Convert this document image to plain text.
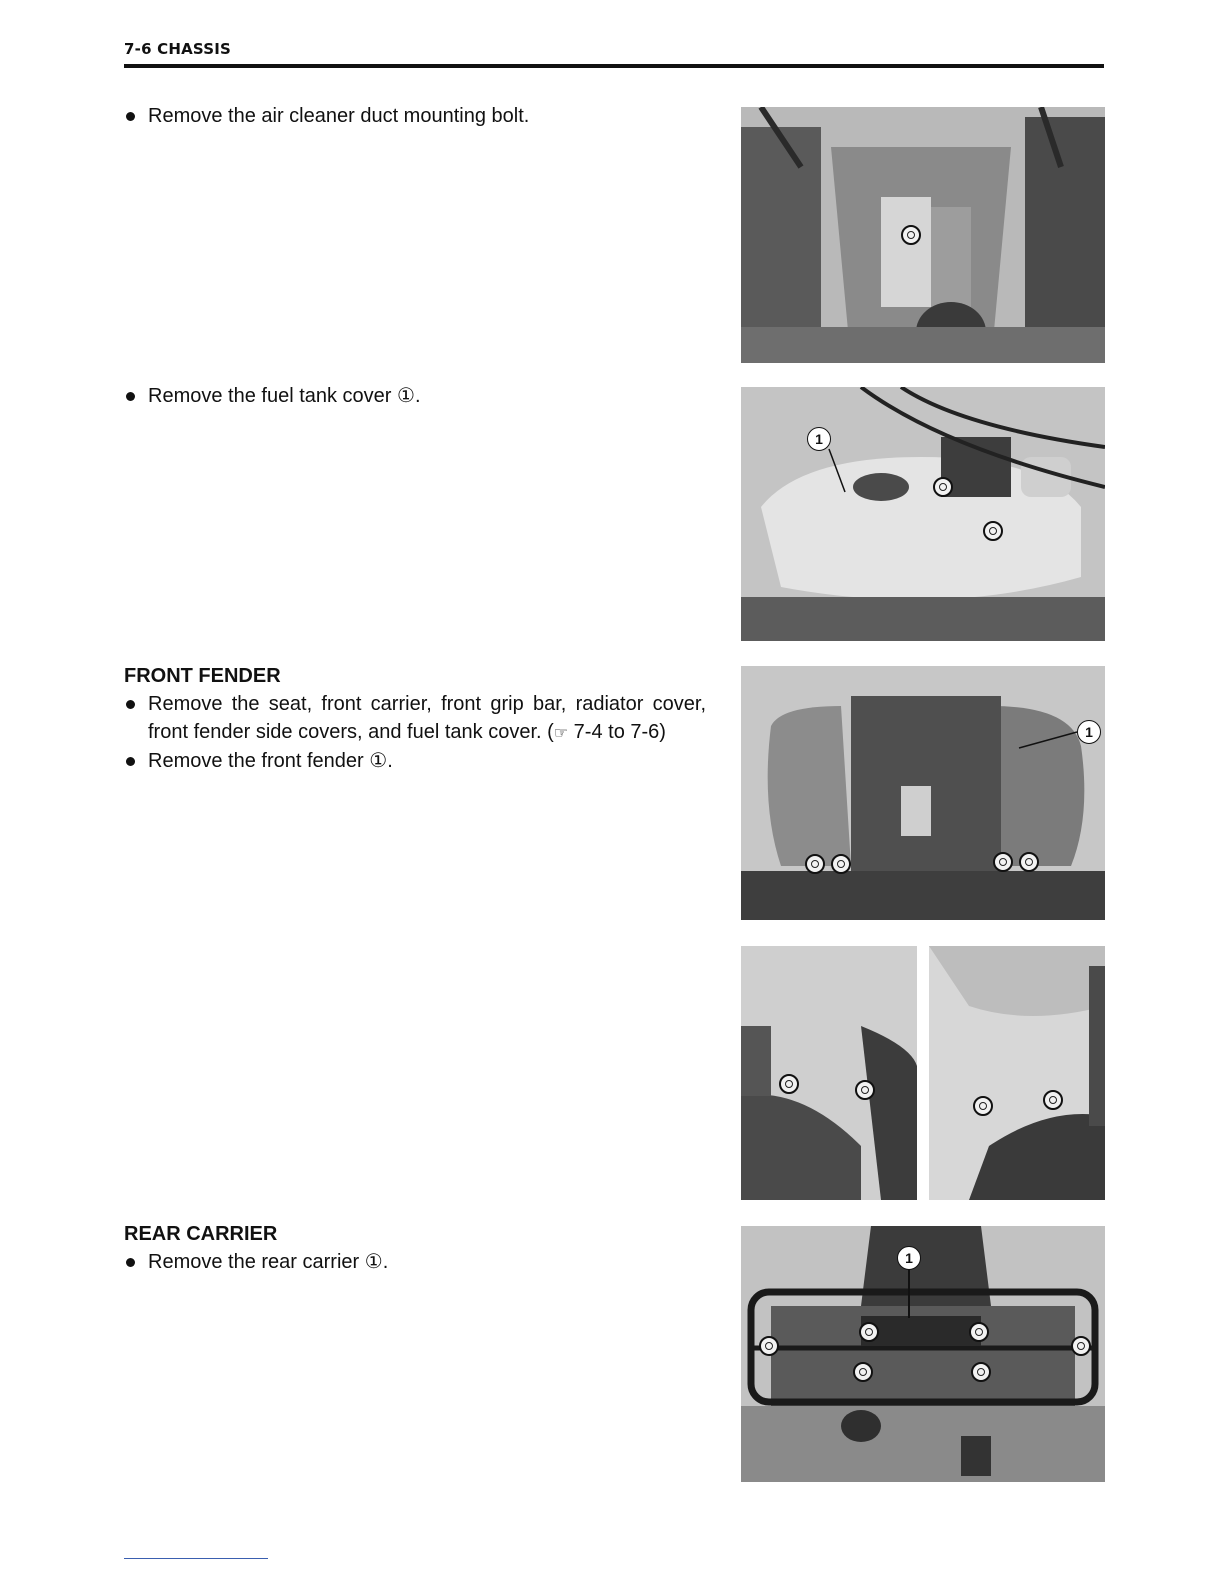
7-6 CHASSIS
Remove the air cleaner duct mounting bolt.
Remove the fuel tank cover ①.
FRONT FENDER
Remove the seat, front carrier, front grip bar, radiator cover, front fender side covers, and fuel tank cover. (☞ 7-4 to 7-6)
Remove the front fender ①.
REAR CARRIER
Remove the rear carrier ①.
1
1
1
